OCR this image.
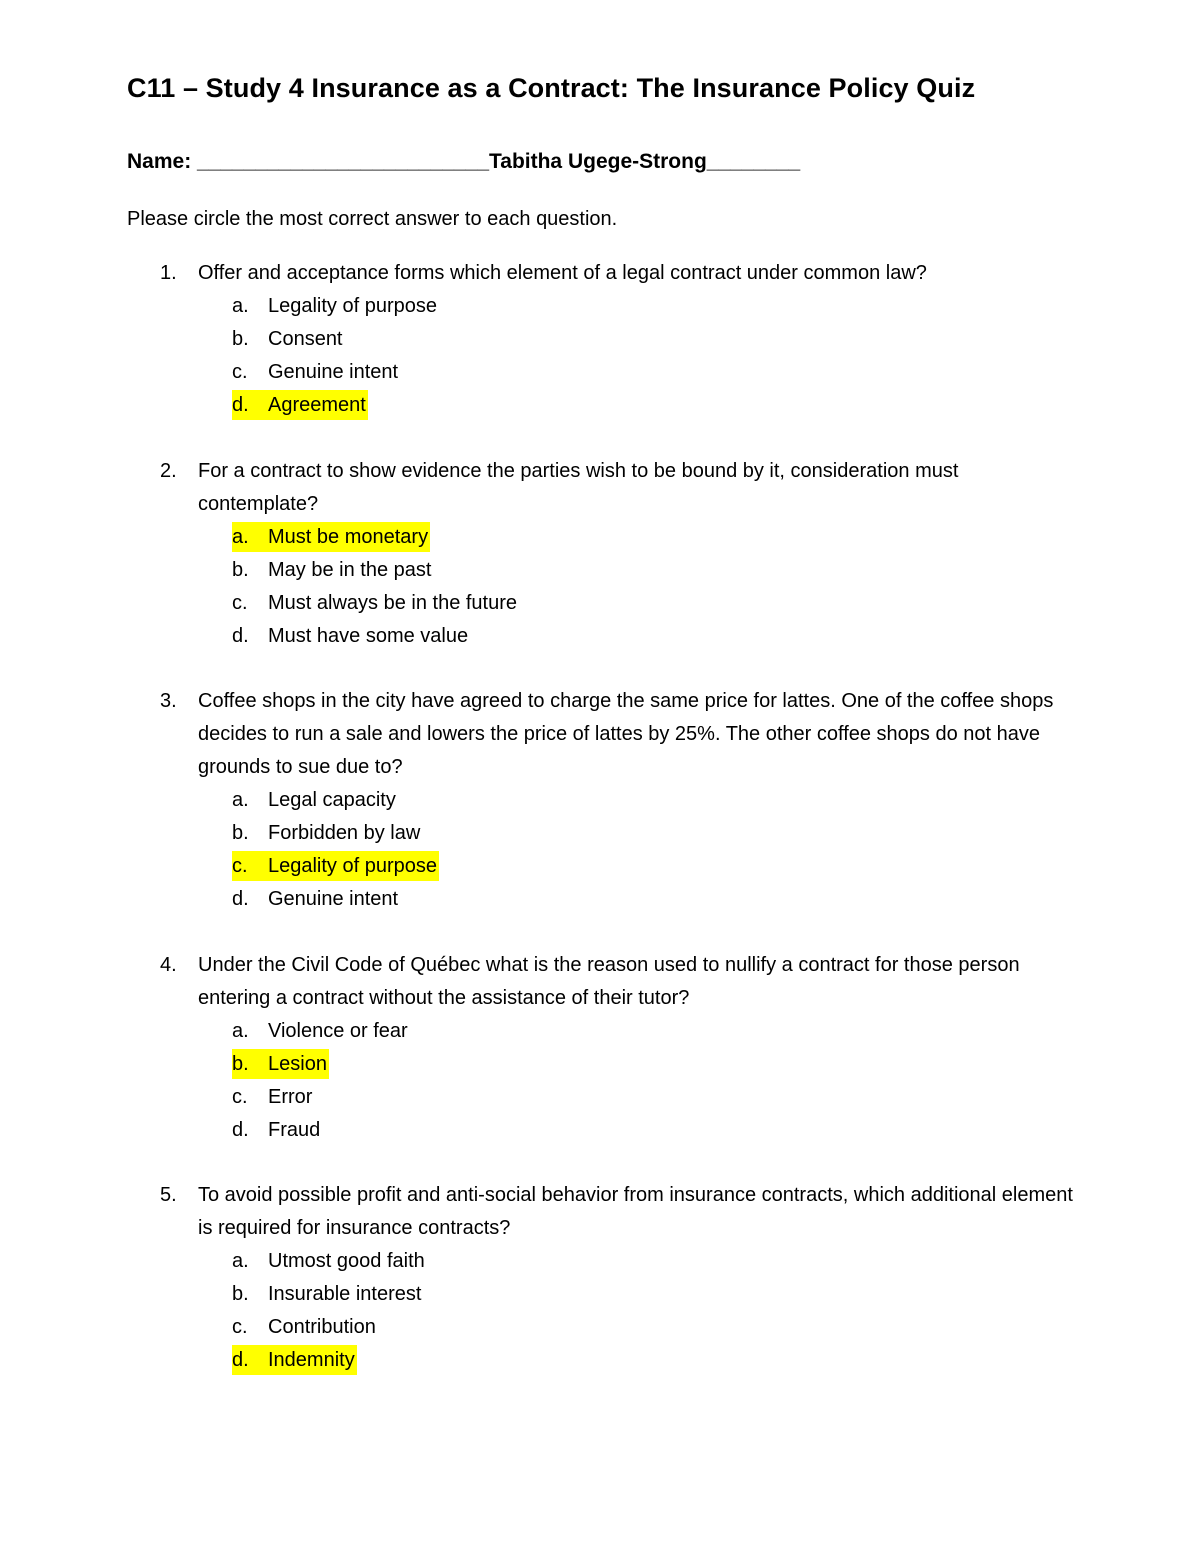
C11 – Study 4 Insurance as a Contract: The Insurance Policy Quiz
Name: _________________________Tabitha Ugege-Strong________
Please circle the most correct answer to each question.
1. Offer and acceptance forms which element of a legal contract under common law?
a. Legality of purpose
b. Consent
c. Genuine intent
d. Agreement
2. For a contract to show evidence the parties wish to be bound by it, consideration must contemplate?
a. Must be monetary
b. May be in the past
c. Must always be in the future
d. Must have some value
3. Coffee shops in the city have agreed to charge the same price for lattes. One of the coffee shops decides to run a sale and lowers the price of lattes by 25%. The other coffee shops do not have grounds to sue due to?
a. Legal capacity
b. Forbidden by law
c. Legality of purpose
d. Genuine intent
4. Under the Civil Code of Québec what is the reason used to nullify a contract for those person entering a contract without the assistance of their tutor?
a. Violence or fear
b. Lesion
c. Error
d. Fraud
5. To avoid possible profit and anti-social behavior from insurance contracts, which additional element is required for insurance contracts?
a. Utmost good faith
b. Insurable interest
c. Contribution
d. Indemnity
